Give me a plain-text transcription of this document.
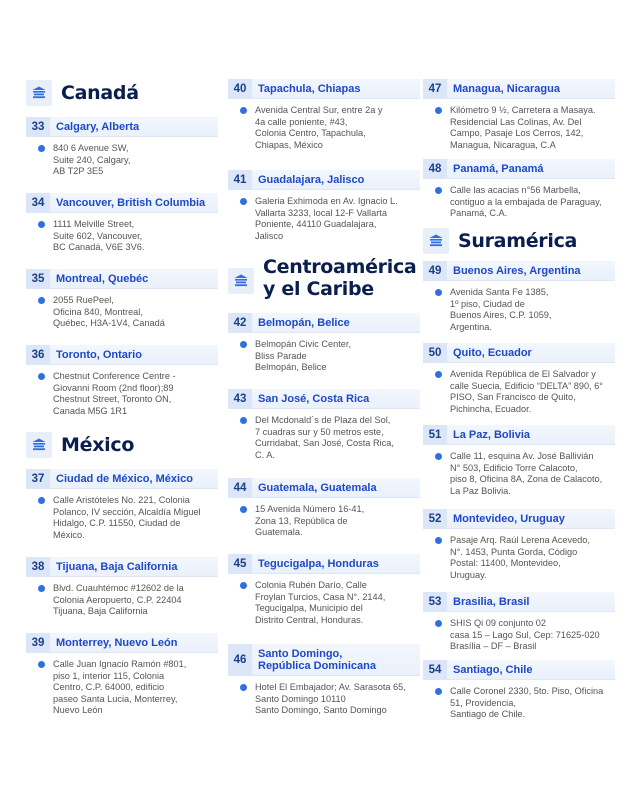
Canadá
33	Calgary, Alberta
840 6 Avenue SW,
Suite 240, Calgary,
AB T2P 3E5
34	Vancouver, British Columbia
1111 Melville Street,
Suite 602, Vancouver,
BC Canadá, V6E 3V6.
35	Montreal, Quebéc
2055 RuePeel,
Oficina 840, Montreal,
Québec, H3A-1V4, Canadá
36	Toronto, Ontario
Chestnut Conference Centre -
Giovanni Room (2nd floor);89
Chestnut Street, Toronto ON,
Canada M5G 1R1
México
37	Ciudad de México, México
Calle Aristóteles No. 221, Colonia
Polanco, IV sección, Alcaldía Miguel
Hidalgo, C.P. 11550, Ciudad de
México.
38	Tijuana, Baja California
Blvd. Cuauhtémoc #12602 de la
Colonia Aeropuerto, C.P. 22404
Tijuana, Baja California
39	Monterrey, Nuevo León
Calle Juan Ignacio Ramón #801,
piso 1, interior 115, Colonia
Centro, C.P. 64000, edificio
paseo Santa Lucia, Monterrey,
Nuevo León
40	Tapachula, Chiapas
Avenida Central Sur, entre 2a y
4a calle poniente, #43,
Colonia Centro, Tapachula,
Chiapas, México
41	Guadalajara, Jalisco
Galeria Exhimoda en Av. Ignacio L.
Vallarta 3233, local 12-F Vallarta
Poniente, 44110 Guadalajara,
Jalisco
Centroamérica
y el Caribe
42	Belmopán, Belice
Belmopán Civic Center,
Bliss Parade
Belmopán, Belice
43	San José, Costa Rica
Del Mcdonald´s de Plaza del Sol,
7 cuadras sur y 50 metros este,
Curridabat, San José, Costa Rica,
C. A.
44	Guatemala, Guatemala
15 Avenida Número 16-41,
Zona 13, República de
Guatemala.
45	Tegucigalpa, Honduras
Colonia Rubén Darío, Calle
Froylan Turcios, Casa N°. 2144,
Tegucigalpa, Municipio del
Distrito Central, Honduras.
46	Santo Domingo,
República Dominicana
Hotel El Embajador; Av. Sarasota 65,
Santo Domingo 10110
Santo Domingo, Santo Domingo
47	Managua, Nicaragua
Kilómetro 9 ½, Carretera a Masaya.
Residencial Las Colinas, Av. Del
Campo, Pasaje Los Cerros, 142,
Managua, Nicaragua, C.A
48	Panamá, Panamá
Calle las acacias n°56 Marbella,
contiguo a la embajada de Paraguay,
Panamá, C.A.
Suramérica
49	Buenos Aires, Argentina
Avenida Santa Fe 1385,
1º piso, Ciudad de
Buenos Aires, C.P. 1059,
Argentina.
50	Quito, Ecuador
Avenida República de El Salvador y
calle Suecia, Edificio “DELTA” 890, 6°
PISO, San Francisco de Quito,
Pichincha, Ecuador.
51	La Paz, Bolivia
Calle 11, esquina Av. José Ballivián
N° 503, Edificio Torre Calacoto,
piso 8, Oficina 8A, Zona de Calacoto,
La Paz Bolivia.
52	Montevideo, Uruguay
Pasaje Arq. Raúl Lerena Acevedo,
N°. 1453, Punta Gorda, Código
Postal: 11400, Montevideo,
Uruguay.
53	Brasilia, Brasil
SHIS Qi 09 conjunto 02
casa 15 – Lago Sul, Cep: 71625-020
Brasília – DF – Brasil
54	Santiago, Chile
Calle Coronel 2330, 5to. Piso, Oficina
51, Providencia,
Santiago de Chile.
